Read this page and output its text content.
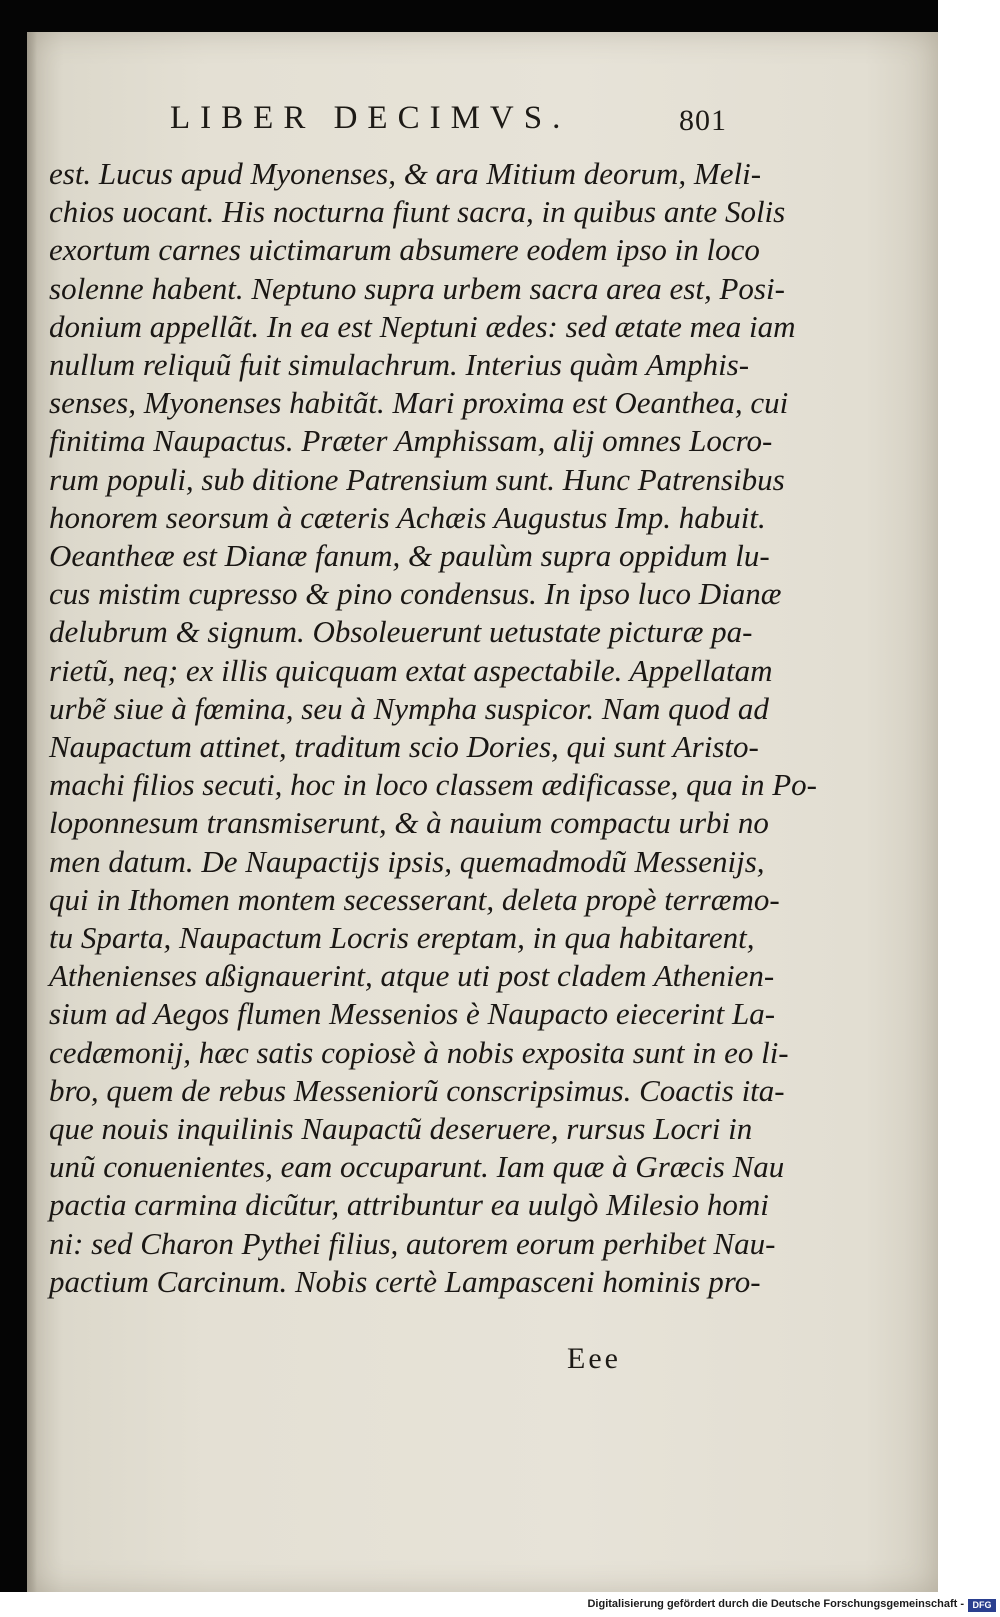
LIBER DECIMVS.	801
est. Lucus apud Myonenses, & ara Mitium deorum, Meli-
chios uocant. His nocturna fiunt sacra, in quibus ante Solis
exortum carnes uictimarum absumere eodem ipso in loco
solenne habent. Neptuno supra urbem sacra area est, Posi-
donium appellãt. In ea est Neptuni ædes: sed ætate mea iam
nullum reliquũ fuit simulachrum. Interius quàm Amphis-
senses, Myonenses habitãt. Mari proxima est Oeanthea, cui
finitima Naupactus. Præter Amphissam, alij omnes Locro-
rum populi, sub ditione Patrensium sunt. Hunc Patrensibus
honorem seorsum à cæteris Achæis Augustus Imp. habuit.
Oeantheæ est Dianæ fanum, & paulùm supra oppidum lu-
cus mistim cupresso & pino condensus. In ipso luco Dianæ
delubrum & signum. Obsoleuerunt uetustate picturæ pa-
rietũ, neq; ex illis quicquam extat aspectabile. Appellatam
urbẽ siue à fœmina, seu à Nympha suspicor. Nam quod ad
Naupactum attinet, traditum scio Dories, qui sunt Aristo-
machi filios secuti, hoc in loco classem ædificasse, qua in Po-
loponnesum transmiserunt, & à nauium compactu urbi no
men datum. De Naupactijs ipsis, quemadmodũ Messenijs,
qui in Ithomen montem secesserant, deleta propè terræmo-
tu Sparta, Naupactum Locris ereptam, in qua habitarent,
Athenienses aßignauerint, atque uti post cladem Athenien-
sium ad Aegos flumen Messenios è Naupacto eiecerint La-
cedæmonij, hæc satis copiosè à nobis exposita sunt in eo li-
bro, quem de rebus Messeniorũ conscripsimus. Coactis ita-
que nouis inquilinis Naupactũ deseruere, rursus Locri in
unũ conuenientes, eam occuparunt. Iam quæ à Græcis Nau
pactia carmina dicũtur, attribuntur ea uulgò Milesio homi
ni: sed Charon Pythei filius, autorem eorum perhibet Nau-
pactium Carcinum. Nobis certè Lampasceni hominis pro-
Eee
Digitalisierung gefördert durch die Deutsche Forschungsgemeinschaft - DFG
